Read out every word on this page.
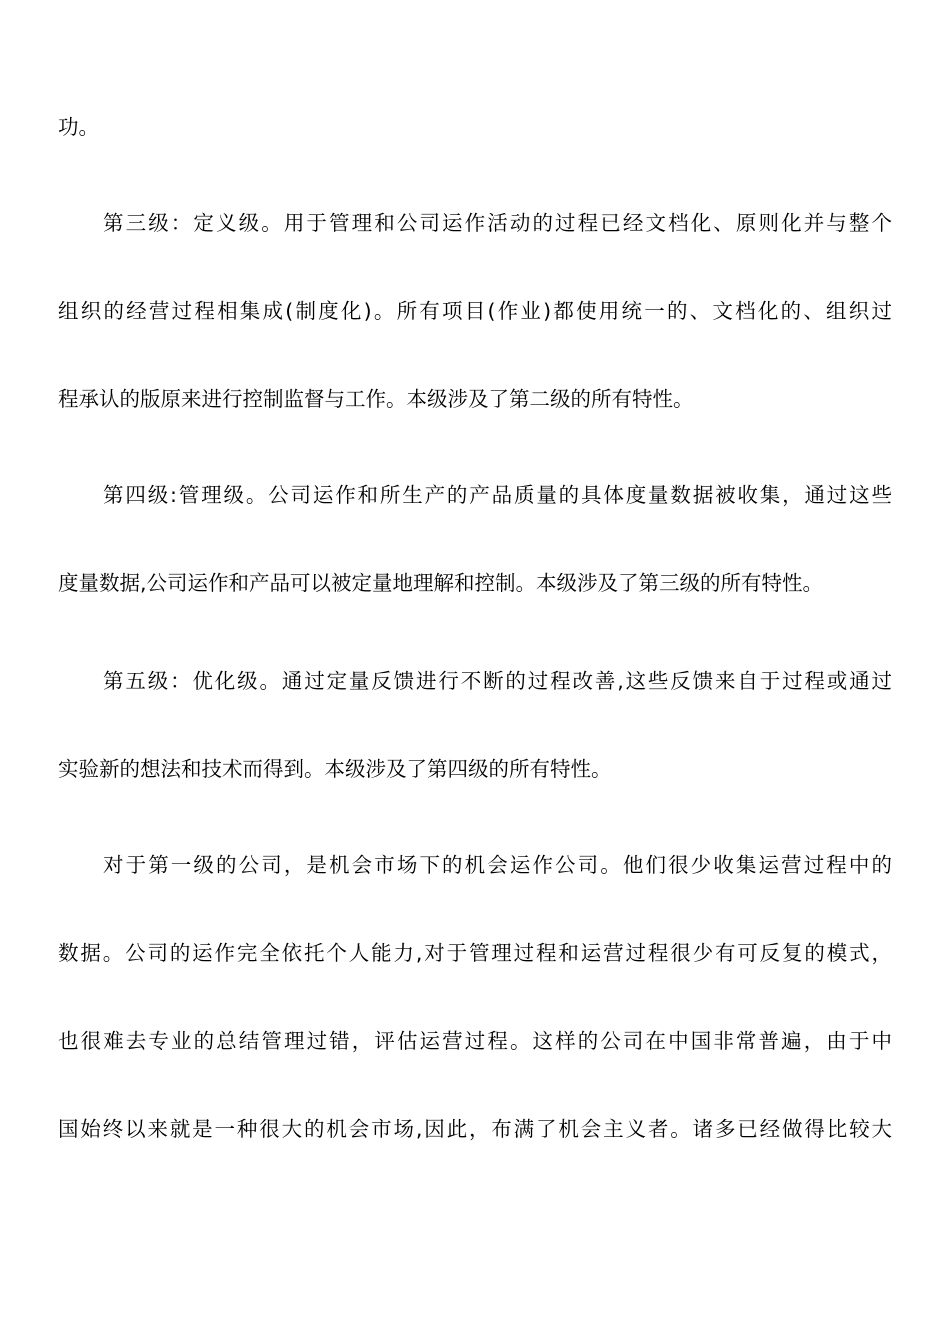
功。
第三级：定义级。用于管理和公司运作活动的过程已经文档化、原则化并与整个
组织的经营过程相集成(制度化)。所有项目(作业)都使用统一的、文档化的、组织过
程承认的版原来进行控制监督与工作。本级涉及了第二级的所有特性。
第四级:管理级。公司运作和所生产的产品质量的具体度量数据被收集，通过这些
度量数据,公司运作和产品可以被定量地理解和控制。本级涉及了第三级的所有特性。
第五级：优化级。通过定量反馈进行不断的过程改善,这些反馈来自于过程或通过
实验新的想法和技术而得到。本级涉及了第四级的所有特性。
对于第一级的公司，是机会市场下的机会运作公司。他们很少收集运营过程中的
数据。公司的运作完全依托个人能力,对于管理过程和运营过程很少有可反复的模式，
也很难去专业的总结管理过错，评估运营过程。这样的公司在中国非常普遍，由于中
国始终以来就是一种很大的机会市场,因此，布满了机会主义者。诸多已经做得比较大
